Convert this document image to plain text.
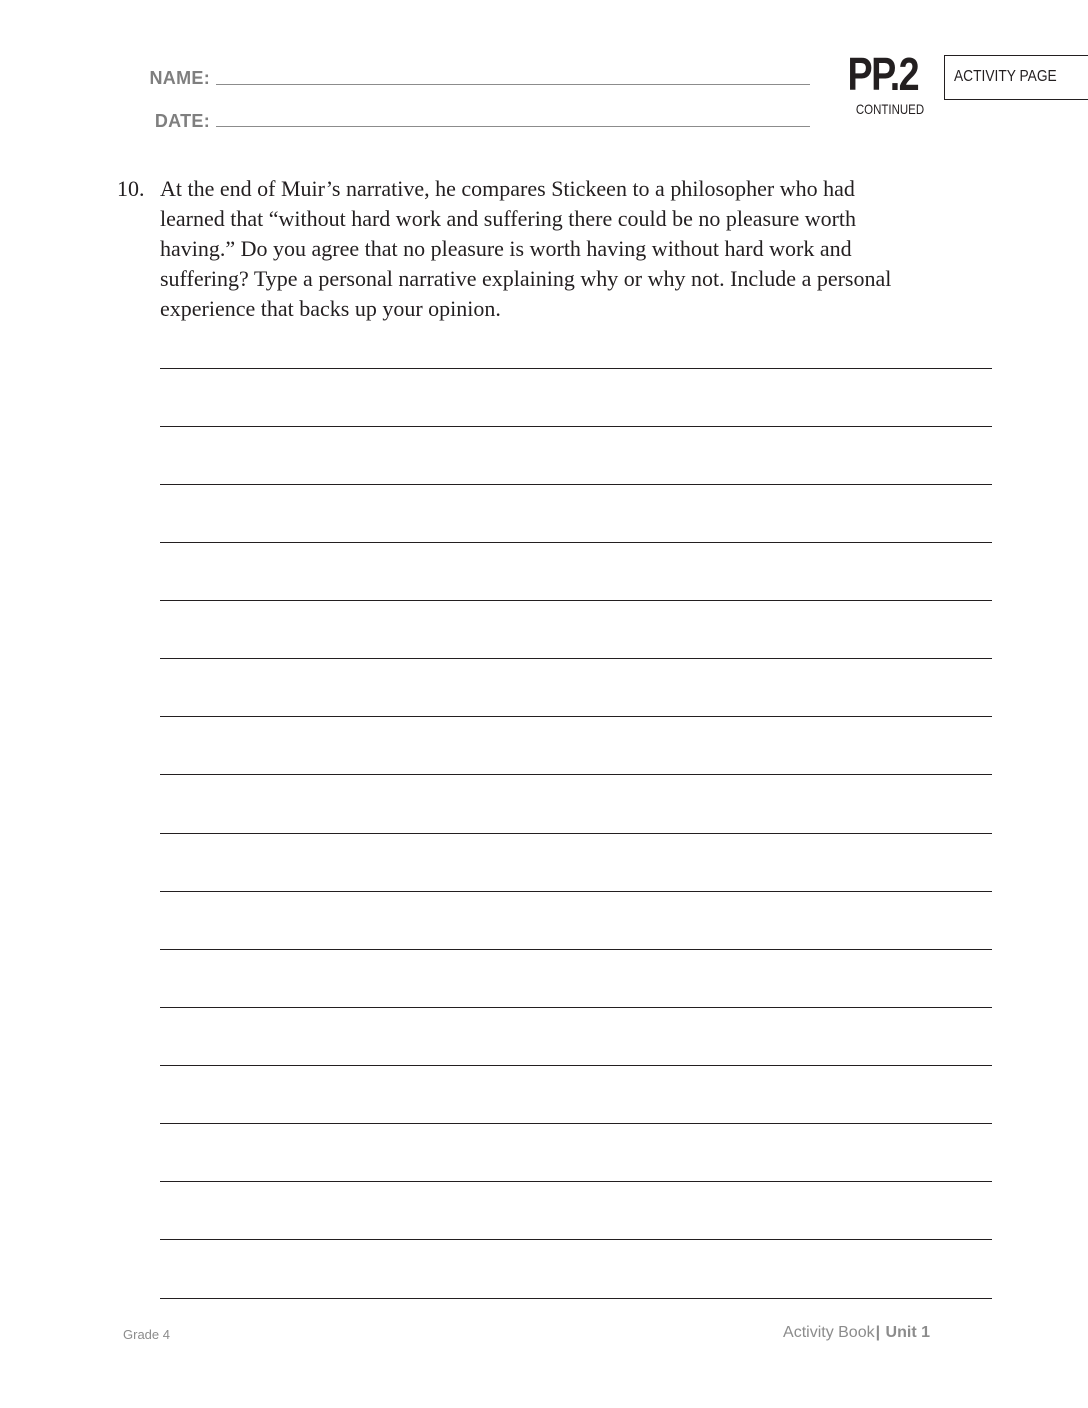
NAME:
DATE:
PP.2
CONTINUED
ACTIVITY PAGE
10. At the end of Muir’s narrative, he compares Stickeen to a philosopher who had
learned that “without hard work and suffering there could be no pleasure worth
having.” Do you agree that no pleasure is worth having without hard work and
suffering? Type a personal narrative explaining why or why not. Include a personal
experience that backs up your opinion.
Grade 4	Activity Book| Unit 1
